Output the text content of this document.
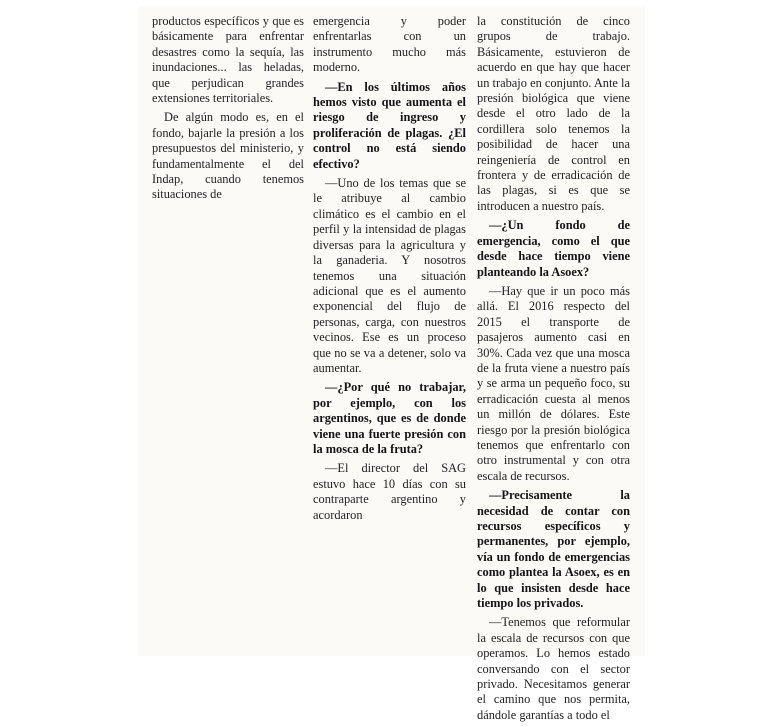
productos específicos y que es básicamente para enfrentar desastres como la sequía, las inundaciones... las heladas, que perjudican grandes extensiones territoriales.

De algún modo es, en el fondo, bajarle la presión a los presupuestos del ministerio, y fundamentalmente el del Indap, cuando tenemos situaciones de

emergencia y poder enfrentarlas con un instrumento mucho más moderno.

—En los últimos años hemos visto que aumenta el riesgo de ingreso y proliferación de plagas. ¿El control no está siendo efectivo?

—Uno de los temas que se le atribuye al cambio climático es el cambio en el perfil y la intensidad de plagas diversas para la agricultura y la ganaderia. Y nosotros tenemos una situación adicional que es el aumento exponencial del flujo de personas, carga, con nuestros vecinos. Ese es un proceso que no se va a detener, solo va aumentar.

—¿Por qué no trabajar, por ejemplo, con los argentinos, que es de donde viene una fuerte presión con la mosca de la fruta?

—El director del SAG estuvo hace 10 días con su contraparte argentino y acordaron

la constitución de cinco grupos de trabajo. Básicamente, estuvieron de acuerdo en que hay que hacer un trabajo en conjunto. Ante la presión biológica que viene desde el otro lado de la cordillera solo tenemos la posibilidad de hacer una reingeniería de control en frontera y de erradicación de las plagas, si es que se introducen a nuestro país.

—¿Un fondo de emergencia, como el que desde hace tiempo viene planteando la Asoex?

—Hay que ir un poco más allá. El 2016 respecto del 2015 el transporte de pasajeros aumento casi en 30%. Cada vez que una mosca de la fruta viene a nuestro país y se arma un pequeño foco, su erradicación cuesta al menos un millón de dólares. Este riesgo por la presión biológica tenemos que enfrentarlo con otro instrumental y con otra escala de recursos.

—Precisamente la necesidad de contar con recursos específicos y permanentes, por ejemplo, vía un fondo de emergencias como plantea la Asoex, es en lo que insisten desde hace tiempo los privados.

—Tenemos que reformular la escala de recursos con que operamos. Lo hemos estado conversando con el sector privado. Necesitamos generar el camino que nos permita, dándole garantías a todo el
